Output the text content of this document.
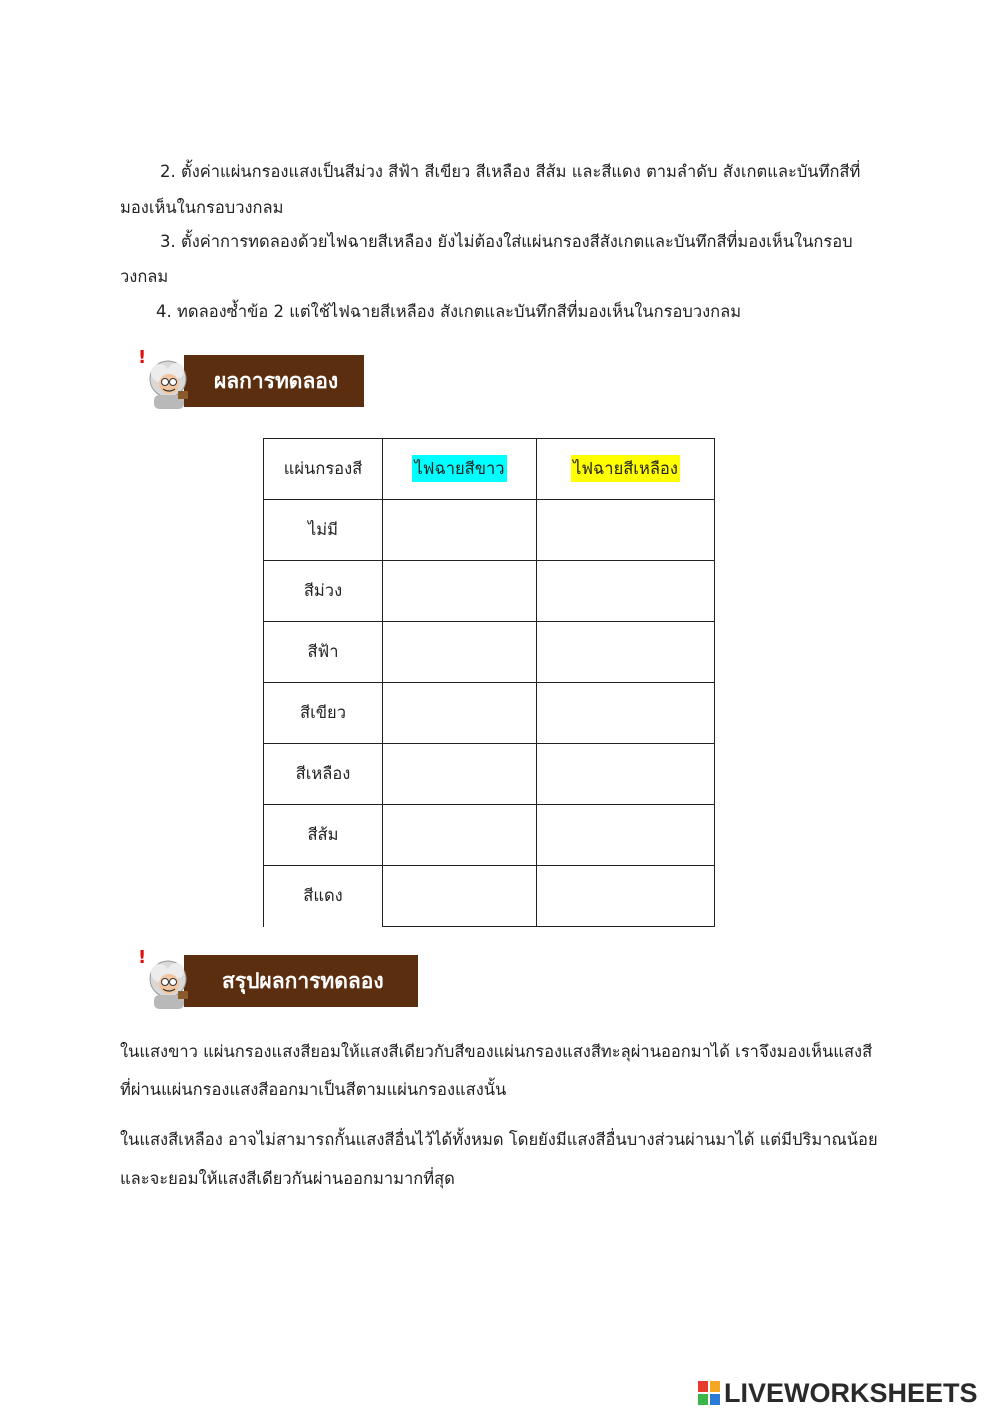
2. ตั้งค่าแผ่นกรองแสงเป็นสีม่วง สีฟ้า สีเขียว สีเหลือง สีส้ม และสีแดง ตามลำดับ สังเกตและบันทึกสีที่
มองเห็นในกรอบวงกลม
3. ตั้งค่าการทดลองด้วยไฟฉายสีเหลือง ยังไม่ต้องใส่แผ่นกรองสีสังเกตและบันทึกสีที่มองเห็นในกรอบ
วงกลม
4. ทดลองซ้ำข้อ 2 แต่ใช้ไฟฉายสีเหลือง สังเกตและบันทึกสีที่มองเห็นในกรอบวงกลม
ผลการทดลอง
!
แผ่นกรองสี	ไฟฉายสีขาว	ไฟฉายสีเหลือง
ไม่มี		
สีม่วง		
สีฟ้า		
สีเขียว		
สีเหลือง		
สีส้ม		
สีแดง		
สรุปผลการทดลอง
!
ในแสงขาว แผ่นกรองแสงสียอมให้แสงสีเดียวกับสีของแผ่นกรองแสงสีทะลุผ่านออกมาได้ เราจึงมองเห็นแสงสี
ที่ผ่านแผ่นกรองแสงสีออกมาเป็นสีตามแผ่นกรองแสงนั้น
ในแสงสีเหลือง อาจไม่สามารถกั้นแสงสีอื่นไว้ได้ทั้งหมด โดยยังมีแสงสีอื่นบางส่วนผ่านมาได้ แต่มีปริมาณน้อย
และจะยอมให้แสงสีเดียวกันผ่านออกมามากที่สุด
LIVEWORKSHEETS
